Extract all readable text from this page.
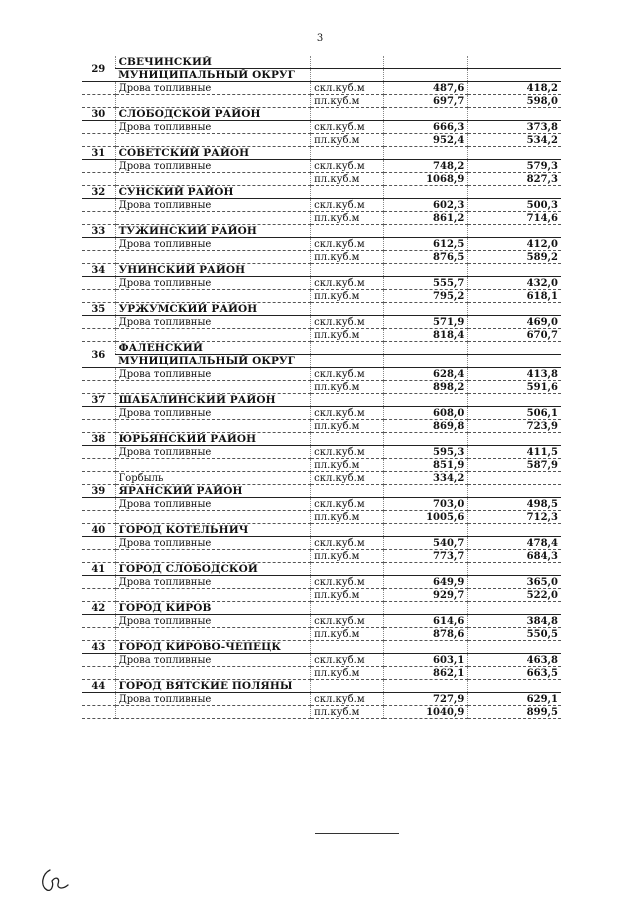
3
29	СВЕЧИНСКИЙ			
	МУНИЦИПАЛЬНЫЙ ОКРУГ			
	Дрова топливные	скл.куб.м	487,6	418,2
		пл.куб.м	697,7	598,0
30	СЛОБОДСКОЙ РАЙОН			
	Дрова топливные	скл.куб.м	666,3	373,8
		пл.куб.м	952,4	534,2
31	СОВЕТСКИЙ РАЙОН			
	Дрова топливные	скл.куб.м	748,2	579,3
		пл.куб.м	1068,9	827,3
32	СУНСКИЙ РАЙОН			
	Дрова топливные	скл.куб.м	602,3	500,3
		пл.куб.м	861,2	714,6
33	ТУЖИНСКИЙ РАЙОН			
	Дрова топливные	скл.куб.м	612,5	412,0
		пл.куб.м	876,5	589,2
34	УНИНСКИЙ РАЙОН			
	Дрова топливные	скл.куб.м	555,7	432,0
		пл.куб.м	795,2	618,1
35	УРЖУМСКИЙ РАЙОН			
	Дрова топливные	скл.куб.м	571,9	469,0
		пл.куб.м	818,4	670,7
36	ФАЛЕНСКИЙ			
	МУНИЦИПАЛЬНЫЙ ОКРУГ			
	Дрова топливные	скл.куб.м	628,4	413,8
		пл.куб.м	898,2	591,6
37	ШАБАЛИНСКИЙ РАЙОН			
	Дрова топливные	скл.куб.м	608,0	506,1
		пл.куб.м	869,8	723,9
38	ЮРЬЯНСКИЙ РАЙОН			
	Дрова топливные	скл.куб.м	595,3	411,5
		пл.куб.м	851,9	587,9
	Горбыль	скл.куб.м	334,2	
39	ЯРАНСКИЙ РАЙОН			
	Дрова топливные	скл.куб.м	703,0	498,5
		пл.куб.м	1005,6	712,3
40	ГОРОД КОТЕЛЬНИЧ			
	Дрова топливные	скл.куб.м	540,7	478,4
		пл.куб.м	773,7	684,3
41	ГОРОД СЛОБОДСКОЙ			
	Дрова топливные	скл.куб.м	649,9	365,0
		пл.куб.м	929,7	522,0
42	ГОРОД КИРОВ			
	Дрова топливные	скл.куб.м	614,6	384,8
		пл.куб.м	878,6	550,5
43	ГОРОД КИРОВО-ЧЕПЕЦК			
	Дрова топливные	скл.куб.м	603,1	463,8
		пл.куб.м	862,1	663,5
44	ГОРОД ВЯТСКИЕ ПОЛЯНЫ			
	Дрова топливные	скл.куб.м	727,9	629,1
		пл.куб.м	1040,9	899,5
